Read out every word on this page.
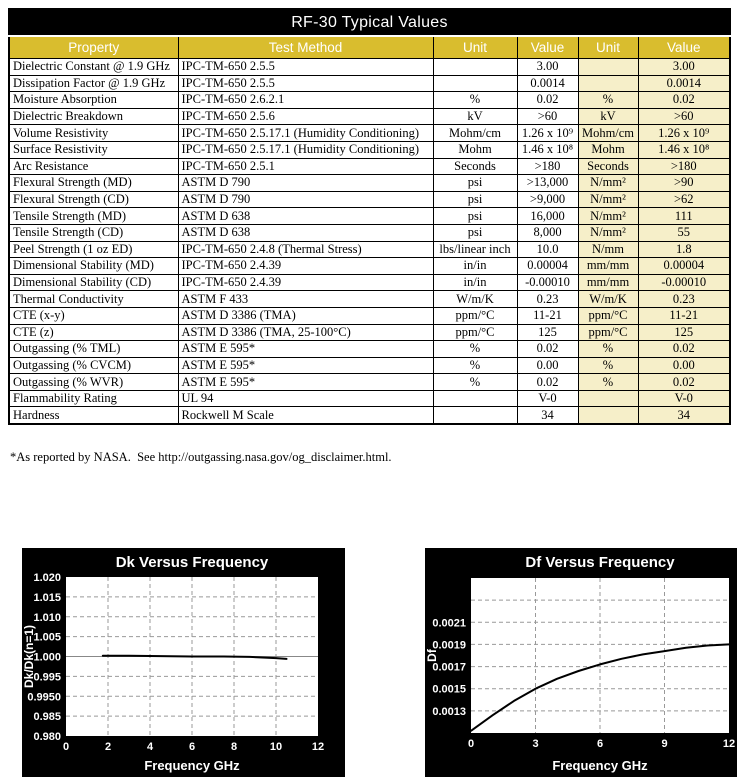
RF-30 Typical Values					
Property	Test Method	Unit	Value	Unit	Value
Dielectric Constant @ 1.9 GHz	IPC-TM-650 2.5.5		3.00		3.00
Dissipation Factor @ 1.9 GHz	IPC-TM-650 2.5.5		0.0014		0.0014
Moisture Absorption	IPC-TM-650 2.6.2.1	%	0.02	%	0.02
Dielectric Breakdown	IPC-TM-650 2.5.6	kV	>60	kV	>60
Volume Resistivity	IPC-TM-650 2.5.17.1 (Humidity Conditioning)	Mohm/cm	1.26 x 10⁹	Mohm/cm	1.26 x 10⁹
Surface Resistivity	IPC-TM-650 2.5.17.1 (Humidity Conditioning)	Mohm	1.46 x 10⁸	Mohm	1.46 x 10⁸
Arc Resistance	IPC-TM-650 2.5.1	Seconds	>180	Seconds	>180
Flexural Strength (MD)	ASTM D 790	psi	>13,000	N/mm²	>90
Flexural Strength (CD)	ASTM D 790	psi	>9,000	N/mm²	>62
Tensile Strength (MD)	ASTM D 638	psi	16,000	N/mm²	111
Tensile Strength (CD)	ASTM D 638	psi	8,000	N/mm²	55
Peel Strength (1 oz ED)	IPC-TM-650 2.4.8 (Thermal Stress)	lbs/linear inch	10.0	N/mm	1.8
Dimensional Stability (MD)	IPC-TM-650 2.4.39	in/in	0.00004	mm/mm	0.00004
Dimensional Stability (CD)	IPC-TM-650 2.4.39	in/in	-0.00010	mm/mm	-0.00010
Thermal Conductivity	ASTM F 433	W/m/K	0.23	W/m/K	0.23
CTE (x-y)	ASTM D 3386 (TMA)	ppm/°C	11-21	ppm/°C	11-21
CTE (z)	ASTM D 3386 (TMA, 25-100°C)	ppm/°C	125	ppm/°C	125
Outgassing (% TML)	ASTM E 595*	%	0.02	%	0.02
Outgassing (% CVCM)	ASTM E 595*	%	0.00	%	0.00
Outgassing (% WVR)	ASTM E 595*	%	0.02	%	0.02
Flammability Rating	UL 94		V-0		V-0
Hardness	Rockwell M Scale		34		34
*As reported by NASA.  See http://outgassing.nasa.gov/og_disclaimer.html.
1.020
1.015
1.010
1.005
1.000
0.995
0.9950
0.985
0.980
0	2	4	6	8	10	12
Dk Versus Frequency
Frequency GHz
Dk/Dk(n=1)
0.0021
0.0019
0.0017
0.0015
0.0013
0	3	6	9	12
Df Versus Frequency
Frequency GHz
Df
